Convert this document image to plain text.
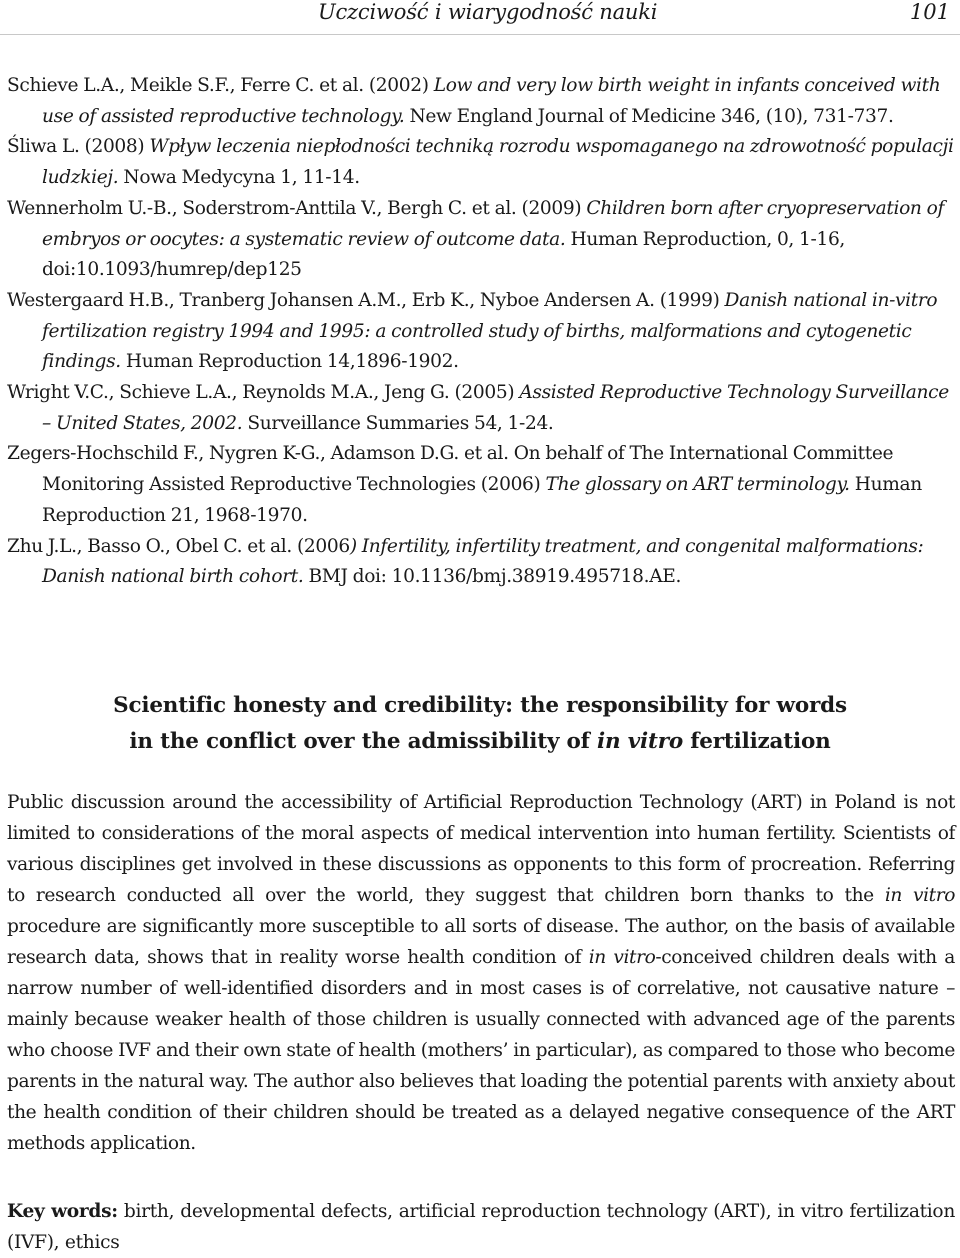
Uczciwość i wiarygodność nauki	101
Schieve L.A., Meikle S.F., Ferre C. et al. (2002) Low and very low birth weight in infants conceived with use of assisted reproductive technology. New England Journal of Medicine 346, (10), 731-737.
Śliwa L. (2008) Wpływ leczenia niepłodności techniką rozrodu wspomaganego na zdrowotność populacji ludzkiej. Nowa Medycyna 1, 11-14.
Wennerholm U.-B., Soderstrom-Anttila V., Bergh C. et al. (2009) Children born after cryopreservation of embryos or oocytes: a systematic review of outcome data. Human Reproduction, 0, 1-16, doi:10.1093/humrep/dep125
Westergaard H.B., Tranberg Johansen A.M., Erb K., Nyboe Andersen A. (1999) Danish national in-vitro fertilization registry 1994 and 1995: a controlled study of births, malformations and cytogenetic findings. Human Reproduction 14,1896-1902.
Wright V.C., Schieve L.A., Reynolds M.A., Jeng G. (2005) Assisted Reproductive Technology Surveillance – United States, 2002. Surveillance Summaries 54, 1-24.
Zegers-Hochschild F., Nygren K-G., Adamson D.G. et al. On behalf of The International Committee Monitoring Assisted Reproductive Technologies (2006) The glossary on ART terminology. Human Reproduction 21, 1968-1970.
Zhu J.L., Basso O., Obel C. et al. (2006) Infertility, infertility treatment, and congenital malformations: Danish national birth cohort. BMJ doi: 10.1136/bmj.38919.495718.AE.
Scientific honesty and credibility: the responsibility for words
in the conflict over the admissibility of in vitro fertilization

Public discussion around the accessibility of Artificial Reproduction Technology (ART) in Poland is not limited to considerations of the moral aspects of medical intervention into human fertility. Scientists of various disciplines get involved in these discussions as opponents to this form of procreation. Referring to research conducted all over the world, they suggest that children born thanks to the in vitro procedure are significantly more susceptible to all sorts of disease. The author, on the basis of available research data, shows that in reality worse health condition of in vitro-conceived children deals with a narrow number of well-identified disorders and in most cases is of correlative, not causative nature – mainly because weaker health of those children is usually connected with advanced age of the parents who choose IVF and their own state of health (mothers’ in particular), as compared to those who become parents in the natural way. The author also believes that loading the potential parents with anxiety about the health condition of their children should be treated as a delayed negative consequence of the ART methods application.

Key words: birth, developmental defects, artificial reproduction technology (ART), in vitro fertilization (IVF), ethics
